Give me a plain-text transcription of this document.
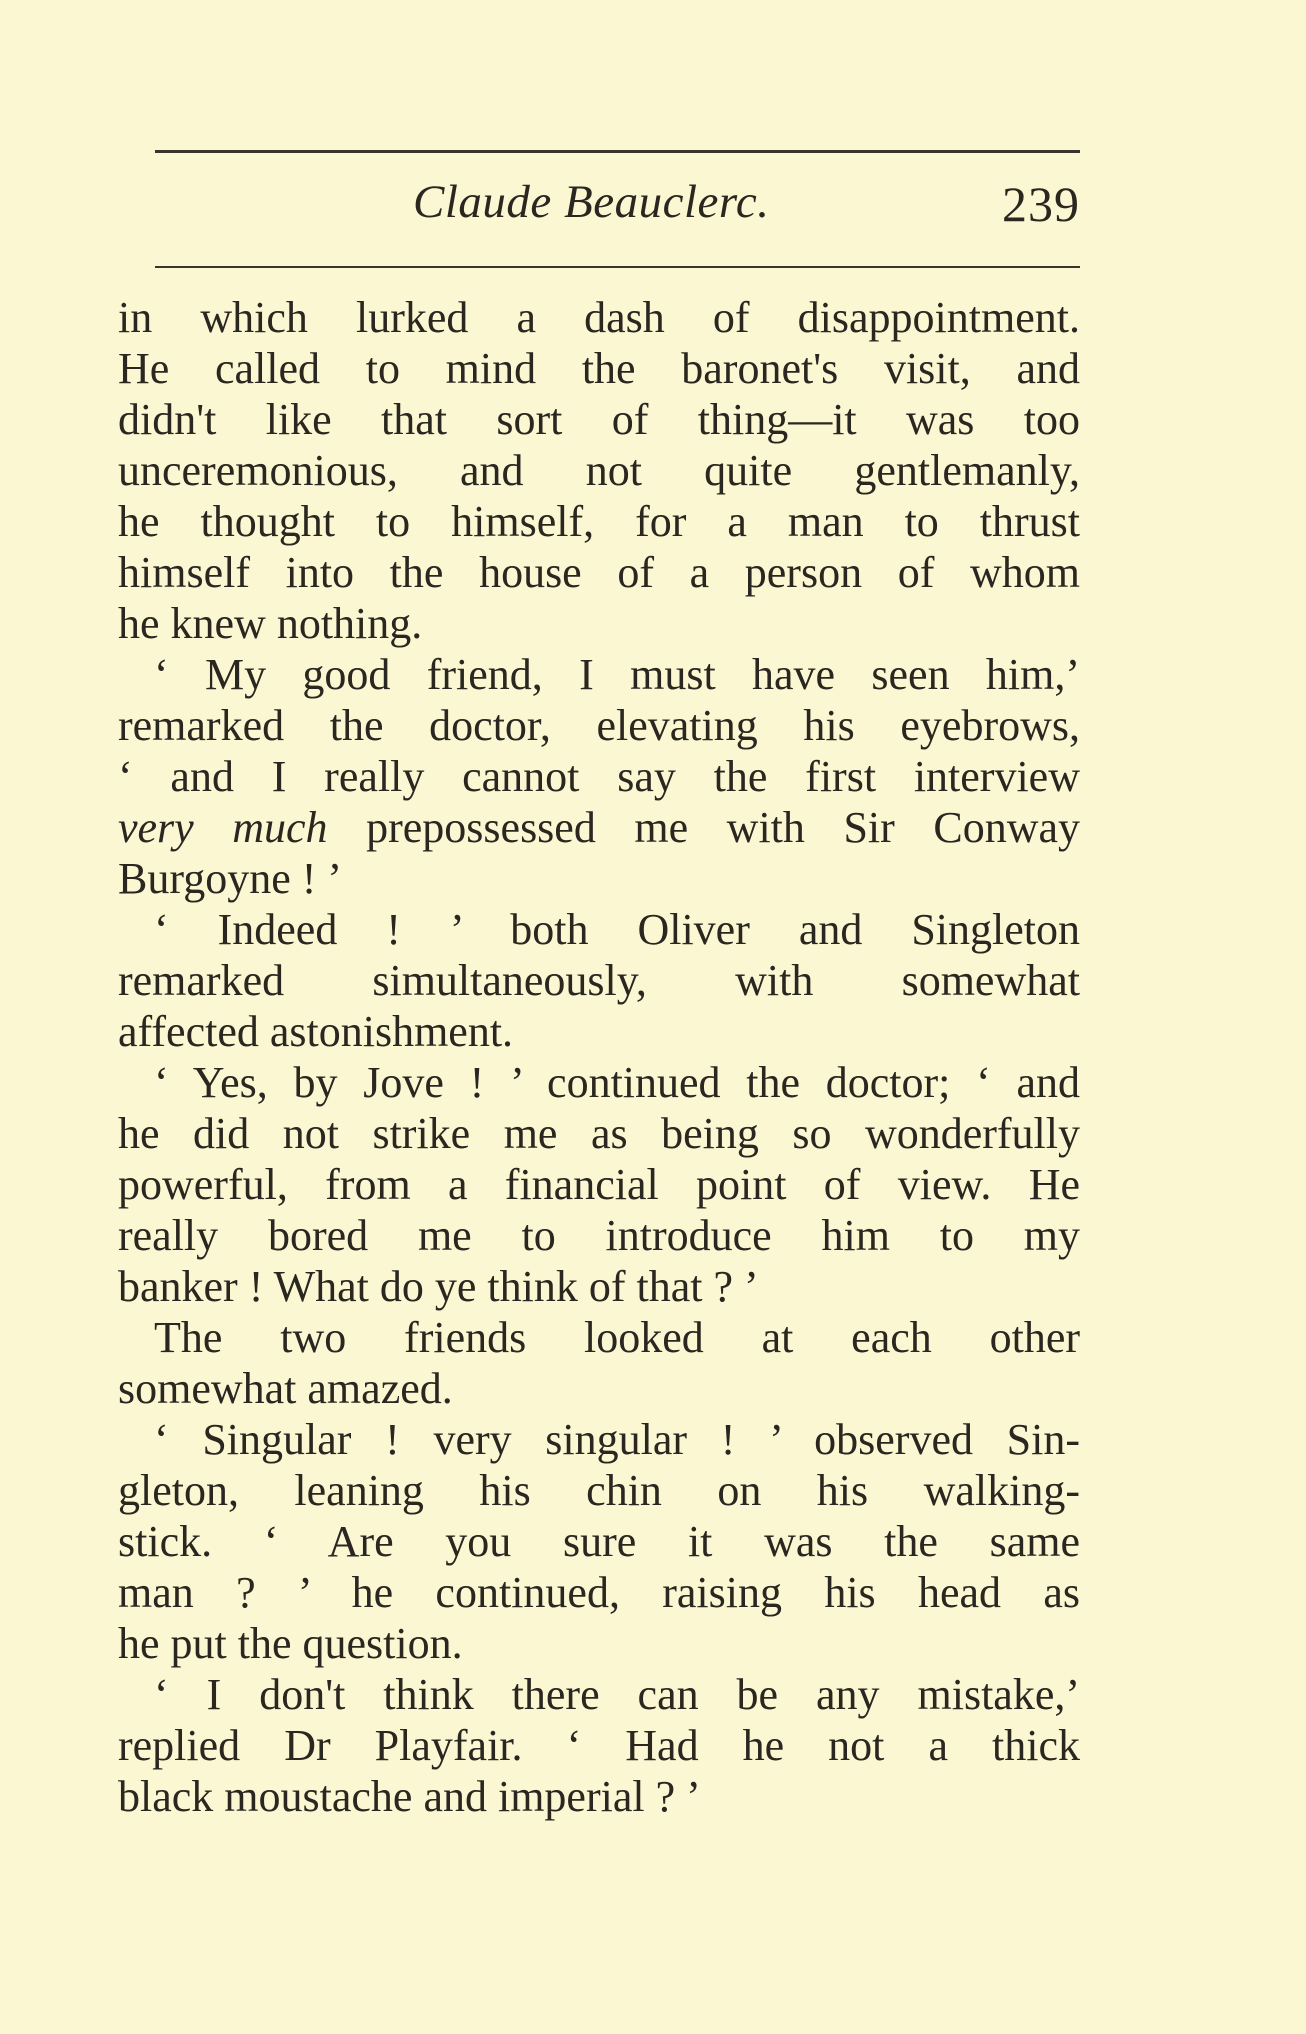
Claude Beauclerc.	239
in which lurked a dash of disappointment.
He called to mind the baronet's visit, and
didn't like that sort of thing—it was too
unceremonious, and not quite gentlemanly,
he thought to himself, for a man to thrust
himself into the house of a person of whom
he knew nothing.
‘ My good friend, I must have seen him,’
remarked the doctor, elevating his eyebrows,
‘ and I really cannot say the first interview
very much prepossessed me with Sir Conway
Burgoyne ! ’
‘ Indeed ! ’ both Oliver and Singleton
remarked simultaneously, with somewhat
affected astonishment.
‘ Yes, by Jove ! ’ continued the doctor; ‘ and
he did not strike me as being so wonderfully
powerful, from a financial point of view. He
really bored me to introduce him to my
banker ! What do ye think of that ? ’
The two friends looked at each other
somewhat amazed.
‘ Singular ! very singular ! ’ observed Sin-
gleton, leaning his chin on his walking-
stick. ‘ Are you sure it was the same
man ? ’ he continued, raising his head as
he put the question.
‘ I don't think there can be any mistake,’
replied Dr Playfair. ‘ Had he not a thick
black moustache and imperial ? ’
